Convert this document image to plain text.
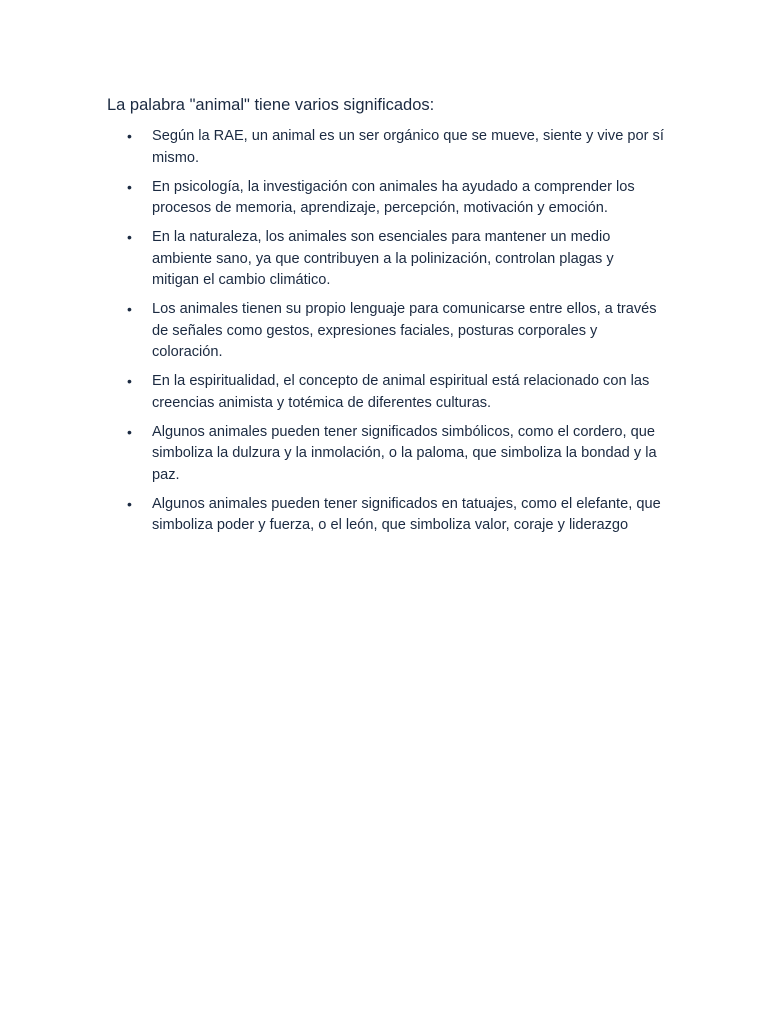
La palabra "animal" tiene varios significados:
• Según la RAE, un animal es un ser orgánico que se mueve, siente y vive por sí mismo.
• En psicología, la investigación con animales ha ayudado a comprender los procesos de memoria, aprendizaje, percepción, motivación y emoción.
• En la naturaleza, los animales son esenciales para mantener un medio ambiente sano, ya que contribuyen a la polinización, controlan plagas y mitigan el cambio climático.
• Los animales tienen su propio lenguaje para comunicarse entre ellos, a través de señales como gestos, expresiones faciales, posturas corporales y coloración.
• En la espiritualidad, el concepto de animal espiritual está relacionado con las creencias animista y totémica de diferentes culturas.
• Algunos animales pueden tener significados simbólicos, como el cordero, que simboliza la dulzura y la inmolación, o la paloma, que simboliza la bondad y la paz.
• Algunos animales pueden tener significados en tatuajes, como el elefante, que simboliza poder y fuerza, o el león, que simboliza valor, coraje y liderazgo
